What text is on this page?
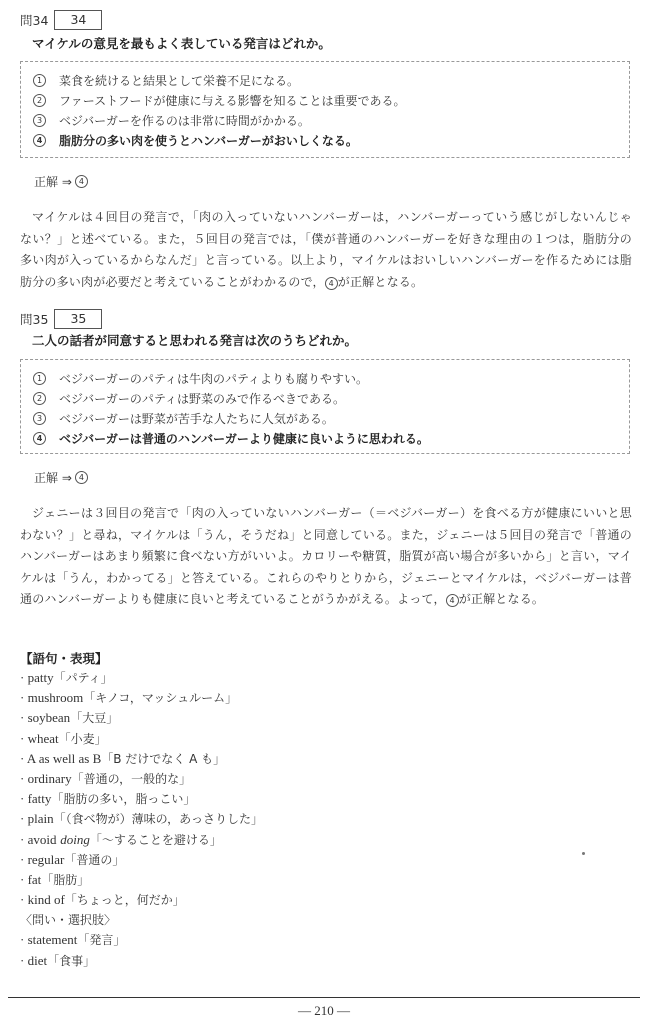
問34	34
マイケルの意見を最もよく表している発言はどれか。
1	菜食を続けると結果として栄養不足になる。
2	ファーストフードが健康に与える影響を知ることは重要である。
3	ベジバーガーを作るのは非常に時間がかかる。
4	脂肪分の多い肉を使うとハンバーガーがおいしくなる。
正解 ⇒ 4
マイケルは４回目の発言で，「肉の入っていないハンバーガーは，ハンバーガーっていう感じがしないんじゃない？」と述べている。また，５回目の発言では，「僕が普通のハンバーガーを好きな理由の１つは，脂肪分の多い肉が入っているからなんだ」と言っている。以上より，マイケルはおいしいハンバーガーを作るためには脂肪分の多い肉が必要だと考えていることがわかるので， 4 が正解となる。
問35	35
二人の話者が同意すると思われる発言は次のうちどれか。
1	ベジバーガーのパティは牛肉のパティよりも腐りやすい。
2	ベジバーガーのパティは野菜のみで作るべきである。
3	ベジバーガーは野菜が苦手な人たちに人気がある。
4	ベジバーガーは普通のハンバーガーより健康に良いように思われる。
正解 ⇒ 4
ジェニーは３回目の発言で「肉の入っていないハンバーガー（＝ベジバーガー）を食べる方が健康にいいと思わない？」と尋ね，マイケルは「うん，そうだね」と同意している。また，ジェニーは５回目の発言で「普通のハンバーガーはあまり頻繁に食べない方がいいよ。カロリーや糖質，脂質が高い場合が多いから」と言い，マイケルは「うん，わかってる」と答えている。これらのやりとりから，ジェニーとマイケルは，ベジバーガーは普通のハンバーガーよりも健康に良いと考えていることがうかがえる。よって， 4 が正解となる。
【語句・表現】
· patty「パティ」
· mushroom「キノコ，マッシュルーム」
· soybean「大豆」
· wheat「小麦」
· A as well as B「B だけでなく A も」
· ordinary「普通の，一般的な」
· fatty「脂肪の多い，脂っこい」
· plain「（食べ物が）薄味の，あっさりした」
· avoid doing「～することを避ける」
· regular「普通の」
· fat「脂肪」
· kind of「ちょっと，何だか」
〈問い・選択肢〉
· statement「発言」
· diet「食事」
― 210 ―
